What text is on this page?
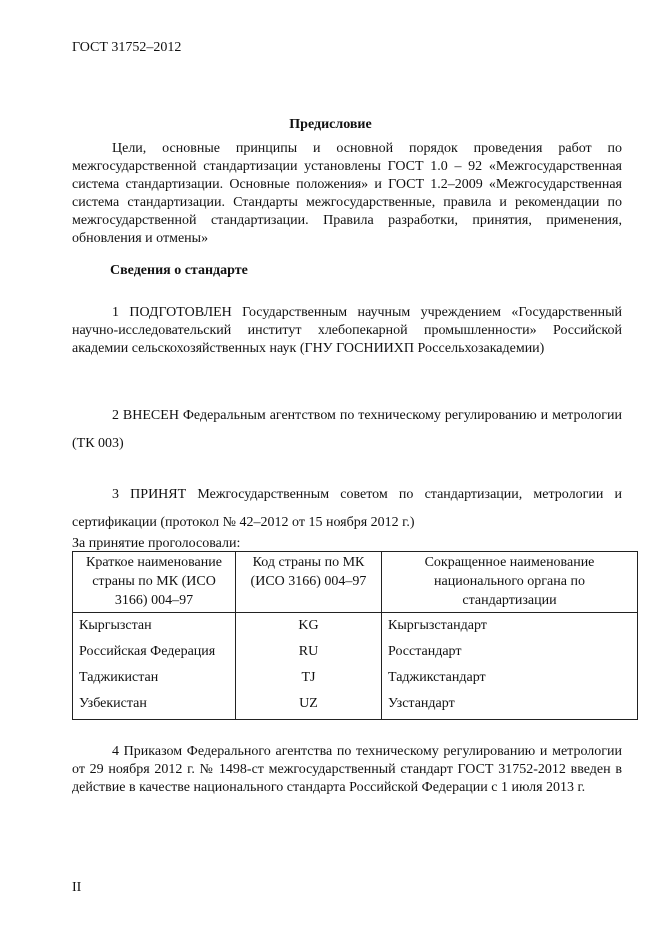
ГОСТ 31752–2012
Предисловие

Цели, основные принципы и основной порядок проведения работ по межгосударственной стандартизации установлены ГОСТ 1.0 – 92 «Межгосударственная система стандартизации. Основные положения» и ГОСТ 1.2–2009 «Межгосударственная система стандартизации. Стандарты межгосударственные, правила и рекомендации по межгосударственной стандартизации. Правила разработки, принятия, применения, обновления и отмены»

Сведения о стандарте

1 ПОДГОТОВЛЕН Государственным научным учреждением «Государственный научно-исследовательский институт хлебопекарной промышленности» Российской академии сельскохозяйственных наук (ГНУ ГОСНИИХП Россельхозакадемии)

2 ВНЕСЕН Федеральным агентством по техническому регулированию и метрологии (ТК 003)

3 ПРИНЯТ Межгосударственным советом по стандартизации, метрологии и сертификации (протокол № 42–2012 от 15 ноября 2012 г.)

За принятие проголосовали:
Краткое наименование страны по МК (ИСО 3166) 004–97	Код страны по МК (ИСО 3166) 004–97	Сокращенное наименование национального органа по стандартизации
Кыргызстан	KG	Кыргызстандарт
Российская Федерация	RU	Росстандарт
Таджикистан	TJ	Таджикстандарт
Узбекистан	UZ	Узстандарт

4 Приказом Федерального агентства по техническому регулированию и метрологии от 29 ноября 2012 г. № 1498-ст межгосударственный стандарт ГОСТ 31752-2012 введен в действие в качестве национального стандарта Российской Федерации с 1 июля 2013 г.

II
